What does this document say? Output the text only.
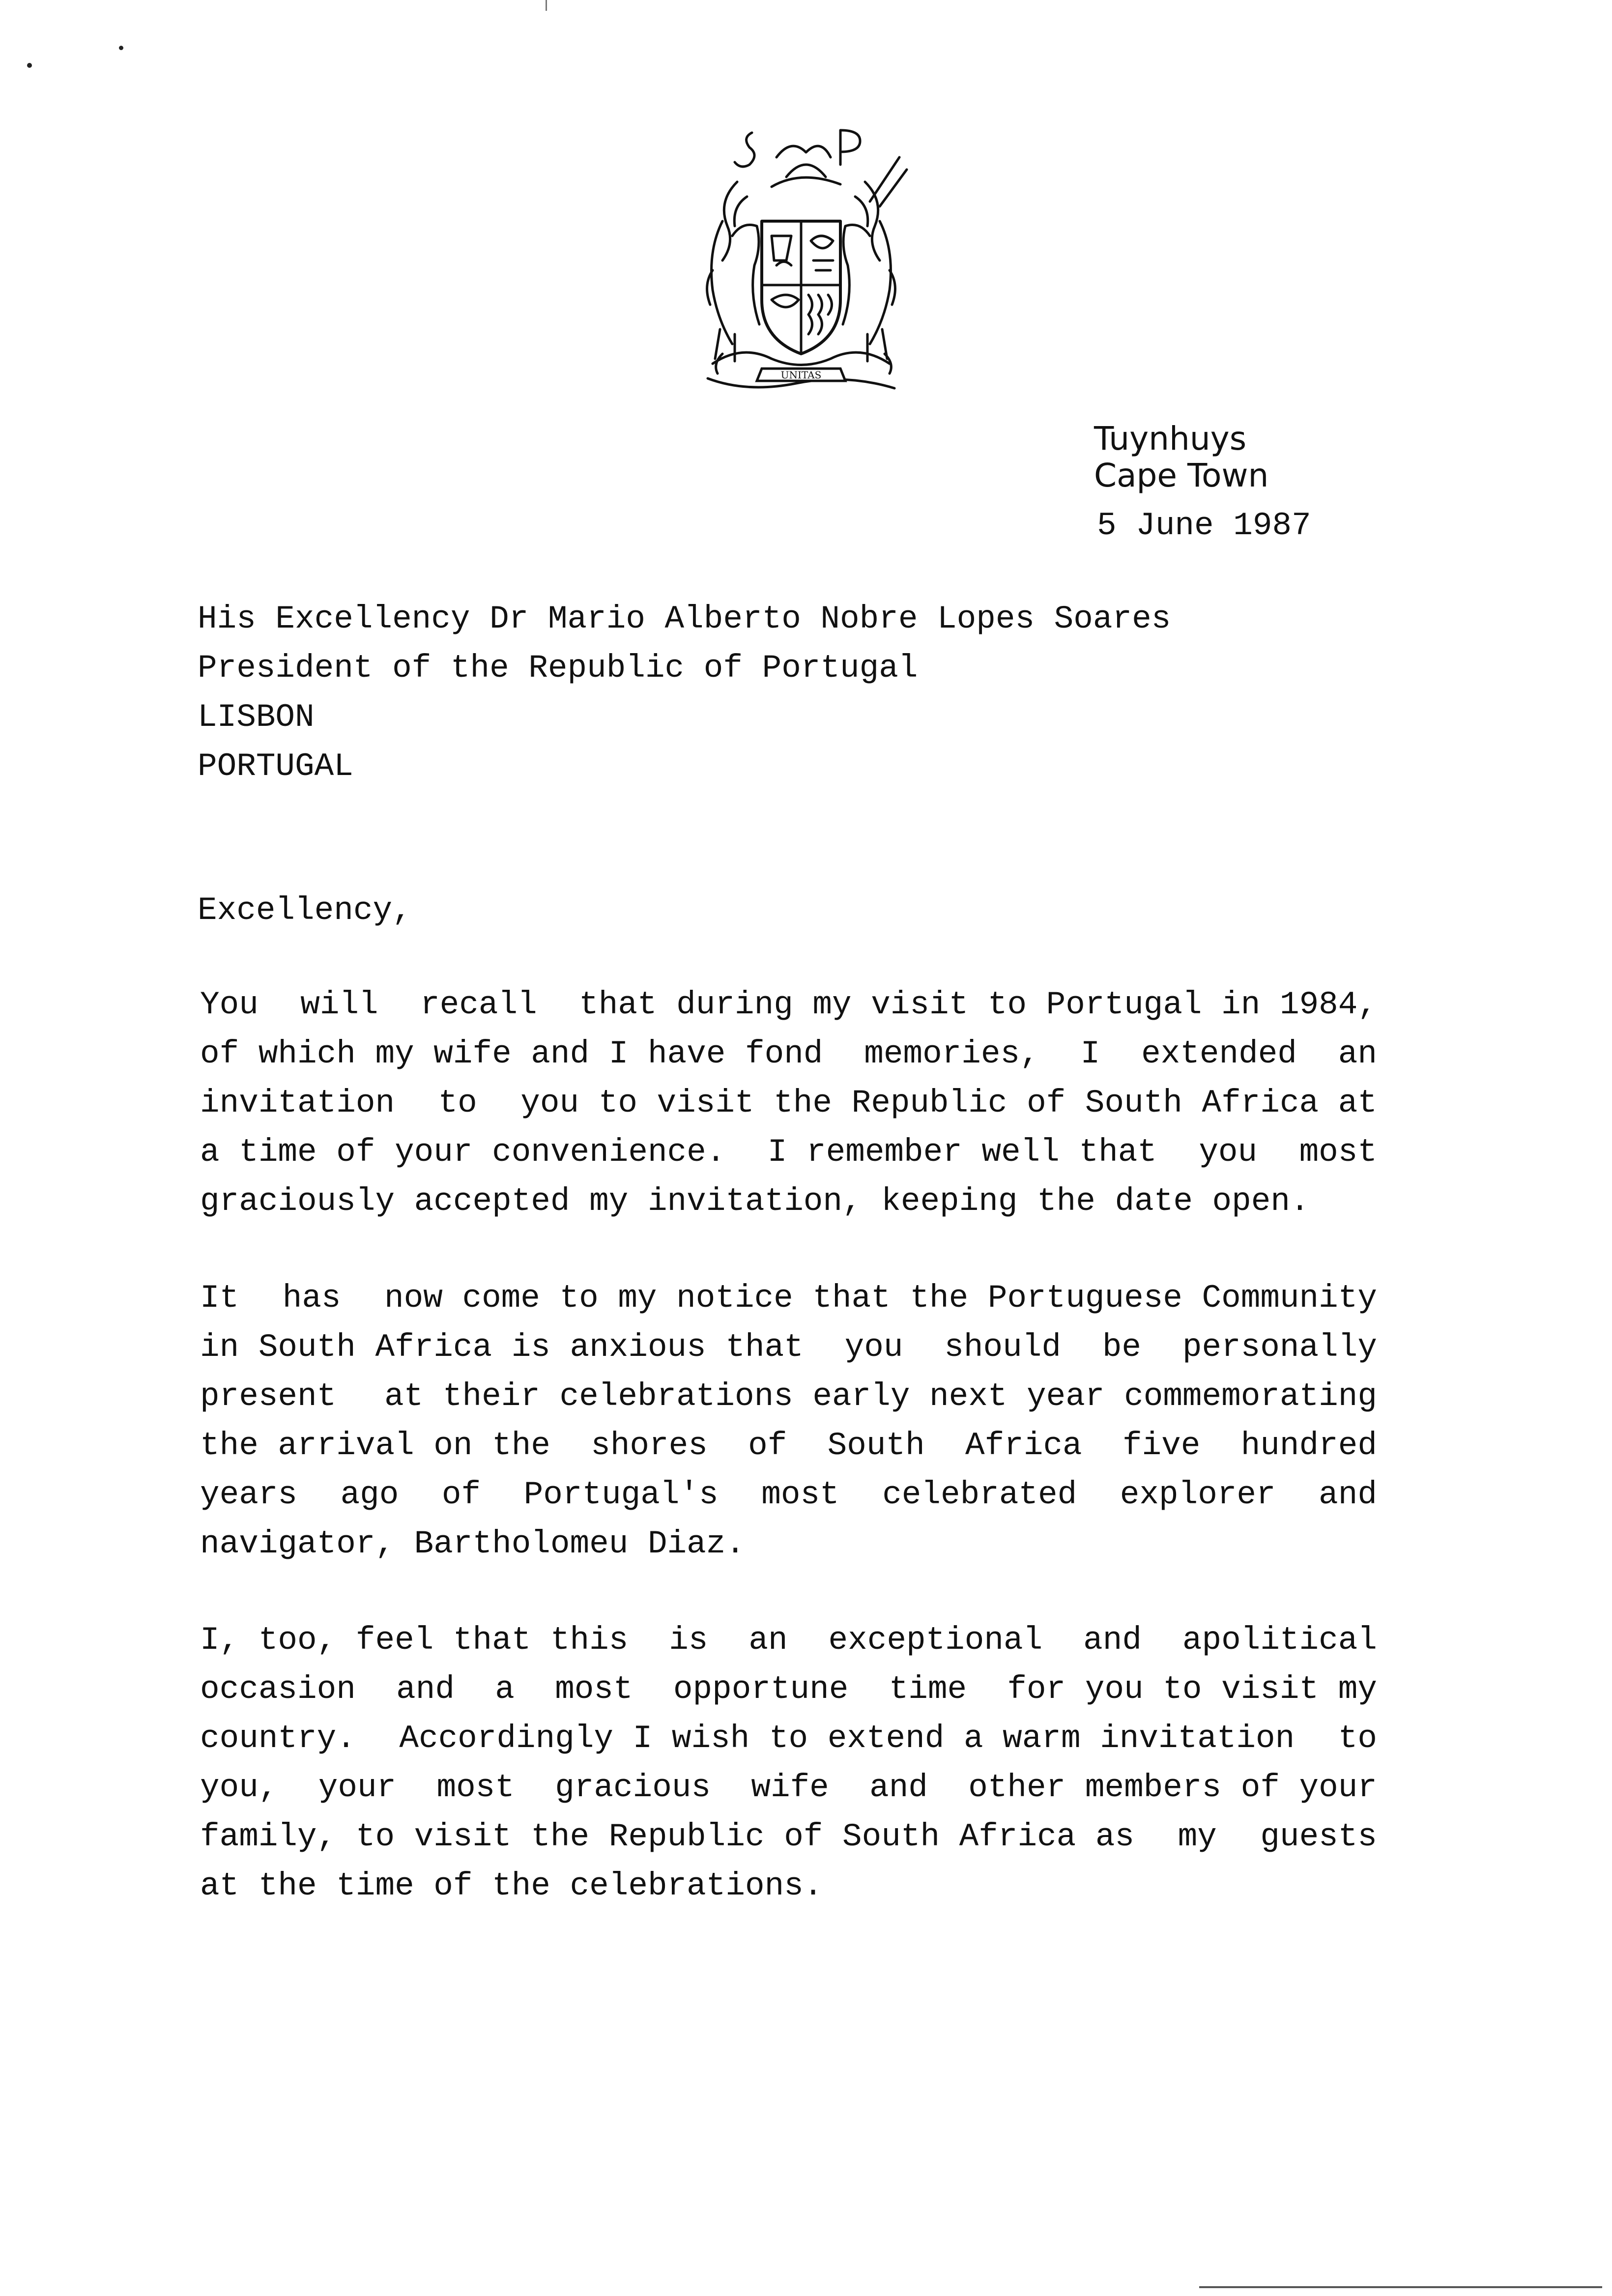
UNITAS
Tuynhuys
Cape Town
5 June 1987
His Excellency Dr Mario Alberto Nobre Lopes Soares
President of the Republic of Portugal
LISBON
PORTUGAL
Excellency,
You will recall that during my visit to Portugal in 1984,
of which my wife and I have fond memories, I extended an
invitation to you to visit the Republic of South Africa at
a time of your convenience. I remember well that you most
graciously accepted my invitation, keeping the date open.
It has now come to my notice that the Portuguese Community
in South Africa is anxious that you should be personally
present at their celebrations early next year commemorating
the arrival on the shores of South Africa five hundred
years ago of Portugal's most celebrated explorer and
navigator, Bartholomeu Diaz.
I, too, feel that this is an exceptional and apolitical
occasion and a most opportune time for you to visit my
country. Accordingly I wish to extend a warm invitation to
you, your most gracious wife and other members of your
family, to visit the Republic of South Africa as my guests
at the time of the celebrations.
